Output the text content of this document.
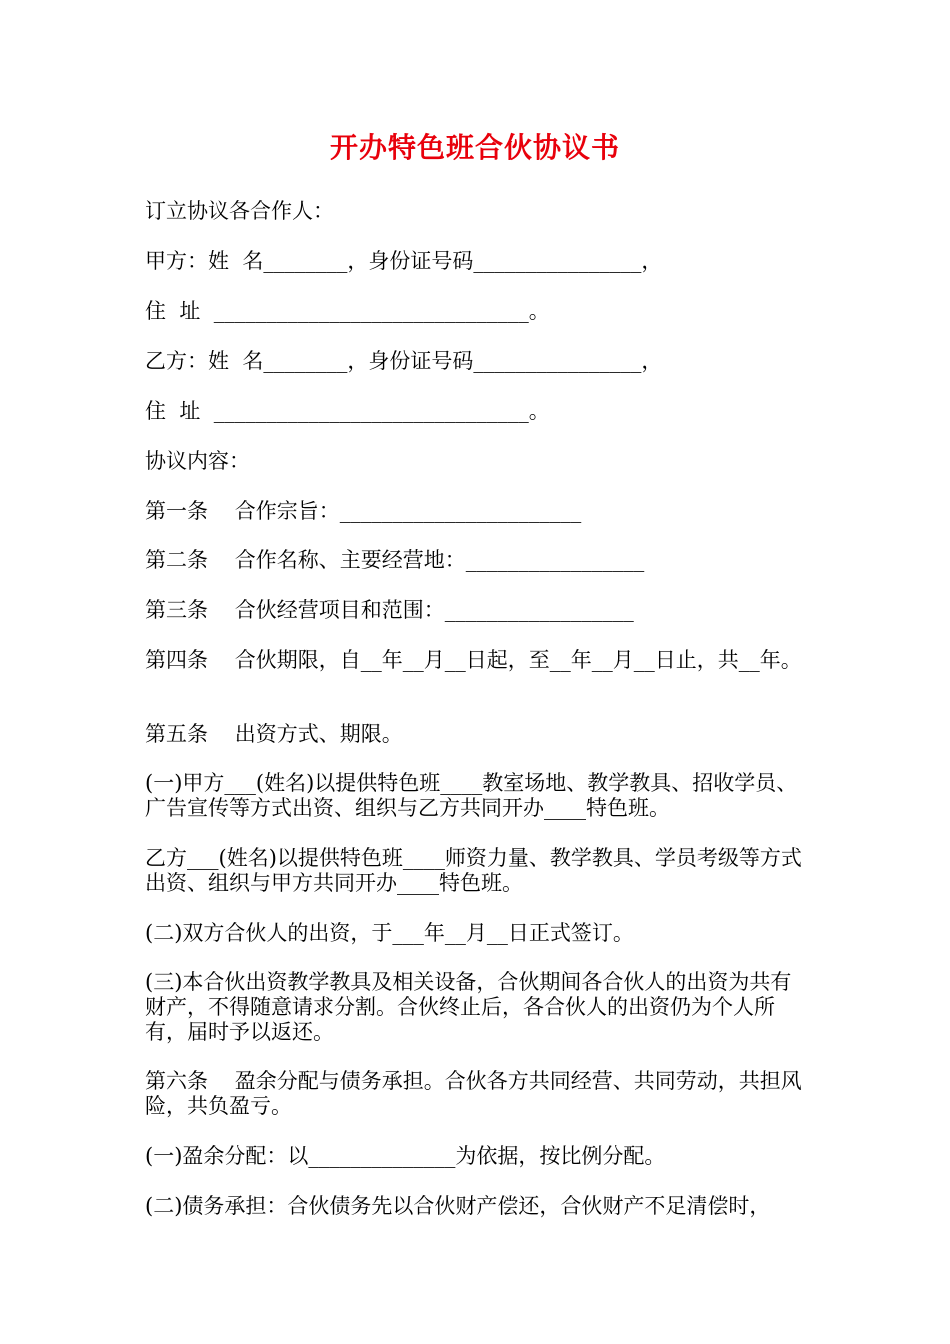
开办特色班合伙协议书
订立协议各合作人：
甲方：姓  名________，身份证号码________________，
住  址  ______________________________。
乙方：姓  名________，身份证号码________________，
住  址  ______________________________。
协议内容：
第一条    合作宗旨：_______________________
第二条    合作名称、主要经营地：_________________
第三条    合伙经营项目和范围：__________________
第四条    合伙期限，自__年__月__日起，至__年__月__日止，共__年。
第五条    出资方式、期限。
(一)甲方___(姓名)以提供特色班____教室场地、教学教具、招收学员、广告宣传等方式出资、组织与乙方共同开办____特色班。
乙方___(姓名)以提供特色班____师资力量、教学教具、学员考级等方式出资、组织与甲方共同开办____特色班。
(二)双方合伙人的出资，于___年__月__日正式签订。
(三)本合伙出资教学教具及相关设备，合伙期间各合伙人的出资为共有财产，不得随意请求分割。合伙终止后，各合伙人的出资仍为个人所有，届时予以返还。
第六条    盈余分配与债务承担。合伙各方共同经营、共同劳动，共担风险，共负盈亏。
(一)盈余分配：以______________为依据，按比例分配。
(二)债务承担：合伙债务先以合伙财产偿还，合伙财产不足清偿时，
